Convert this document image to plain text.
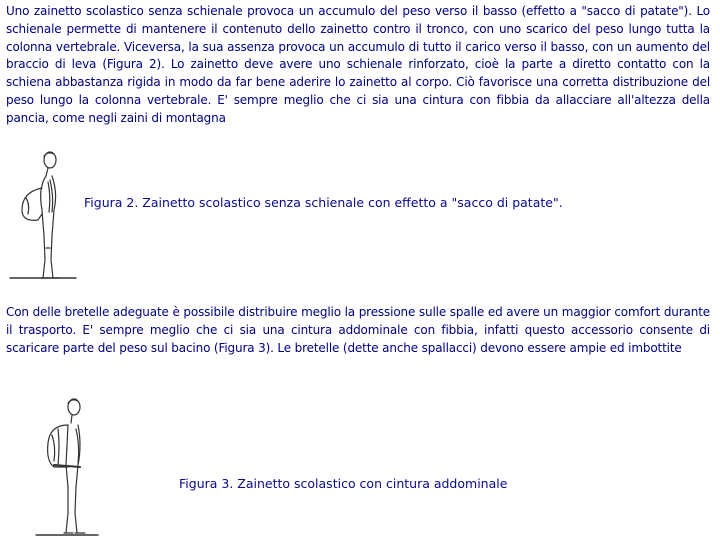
Uno zainetto scolastico senza schienale provoca un accumulo del peso verso il basso (effetto a "sacco di patate"). Lo schienale permette di mantenere il contenuto dello zainetto contro il tronco, con uno scarico del peso lungo tutta la colonna vertebrale. Viceversa, la sua assenza provoca un accumulo di tutto il carico verso il basso, con un aumento del braccio di leva (Figura 2). Lo zainetto deve avere uno schienale rinforzato, cioè la parte a diretto contatto con la schiena abbastanza rigida in modo da far bene aderire lo zainetto al corpo. Ciò favorisce una corretta distribuzione del peso lungo la colonna vertebrale. E' sempre meglio che ci sia una cintura con fibbia da allacciare all'altezza della pancia, come negli zaini di montagna
Figura 2. Zainetto scolastico senza schienale con effetto a "sacco di patate".
Con delle bretelle adeguate è possibile distribuire meglio la pressione sulle spalle ed avere un maggior comfort durante il trasporto. E' sempre meglio che ci sia una cintura addominale con fibbia, infatti questo accessorio consente di scaricare parte del peso sul bacino (Figura 3). Le bretelle (dette anche spallacci) devono essere ampie ed imbottite
Figura 3. Zainetto scolastico con cintura addominale
